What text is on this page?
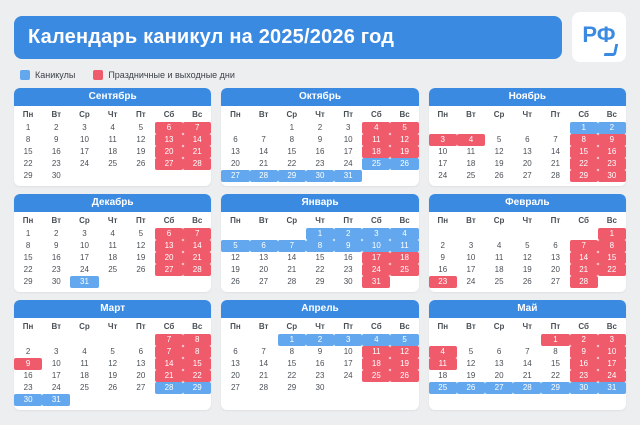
Календарь каникул на 2025/2026 год	РФ
Каникулы	Праздничные и выходные дни
Сентябрь
Пн	Вт	Ср	Чт	Пт	Сб	Вс

1	2	3	4	5	6	7

8	9	10	11	12	13	14

15	16	17	18	19	20	21

22	23	24	25	26	27	28

29	30					

Октябрь
Пн	Вт	Ср	Чт	Пт	Сб	Вс

		1	2	3	4	5

6	7	8	9	10	11	12

13	14	15	16	17	18	19

20	21	22	23	24	25	26

27	28	29	30	31		

Ноябрь
Пн	Вт	Ср	Чт	Пт	Сб	Вс

					1	2

3	4	5	6	7	8	9

10	11	12	13	14	15	16

17	18	19	20	21	22	23

24	25	26	27	28	29	30
Декабрь
Пн	Вт	Ср	Чт	Пт	Сб	Вс

1	2	3	4	5	6	7

8	9	10	11	12	13	14

15	16	17	18	19	20	21

22	23	24	25	26	27	28

29	30	31				

Январь
Пн	Вт	Ср	Чт	Пт	Сб	Вс

			1	2	3	4

5	6	7	8	9	10	11

12	13	14	15	16	17	18

19	20	21	22	23	24	25

26	27	28	29	30	31	

Февраль
Пн	Вт	Ср	Чт	Пт	Сб	Вс

						1

2	3	4	5	6	7	8

9	10	11	12	13	14	15

16	17	18	19	20	21	22

23	24	25	26	27	28	

Март
Пн	Вт	Ср	Чт	Пт	Сб	Вс

					7	8

2	3	4	5	6	7	8

9	10	11	12	13	14	15

16	17	18	19	20	21	22

23	24	25	26	27	28	29

30	31					

Апрель
Пн	Вт	Ср	Чт	Пт	Сб	Вс

		1	2	3	4	5

6	7	8	9	10	11	12

13	14	15	16	17	18	19

20	21	22	23	24	25	26

27	28	29	30			

Май
Пн	Вт	Ср	Чт	Пт	Сб	Вс

				1	2	3

4	5	6	7	8	9	10

11	12	13	14	15	16	17

18	19	20	21	22	23	24

25	26	27	28	29	30	31
